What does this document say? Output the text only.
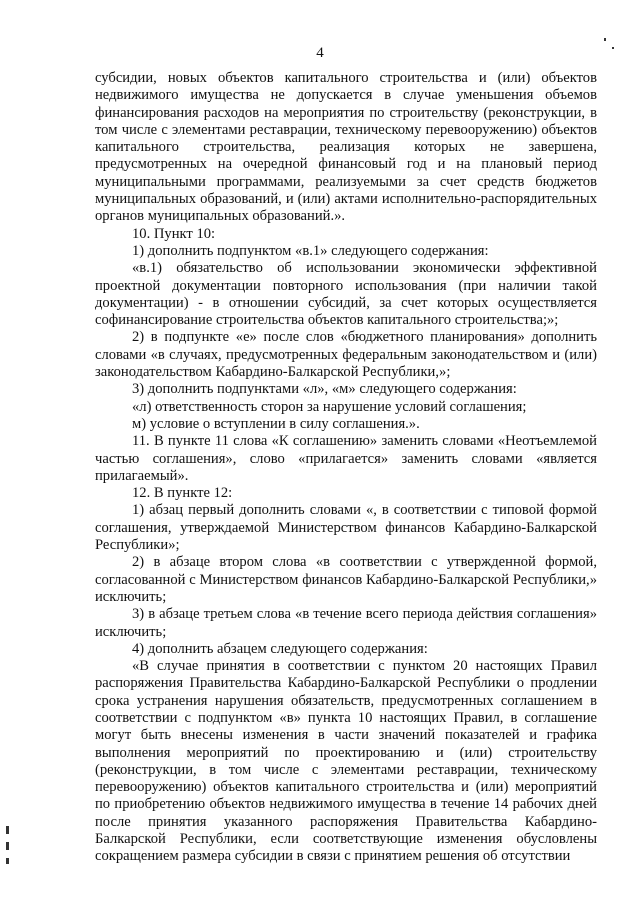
4

субсидии, новых объектов капитального строительства и (или) объектов недвижимого имущества не допускается в случае уменьшения объемов финансирования расходов на мероприятия по строительству (реконструкции, в том числе с элементами реставрации, техническому перевооружению) объектов капитального строительства, реализация которых не завершена, предусмотренных на очередной финансовый год и на плановый период муниципальными программами, реализуемыми за счет средств бюджетов муниципальных образований, и (или) актами исполнительно-распорядительных органов муниципальных образований.».

10. Пункт 10:

1) дополнить подпунктом «в.1» следующего содержания:

«в.1) обязательство об использовании экономически эффективной проектной документации повторного использования (при наличии такой документации) - в отношении субсидий, за счет которых осуществляется софинансирование строительства объектов капитального строительства;»;

2) в подпункте «е» после слов «бюджетного планирования» дополнить словами «в случаях, предусмотренных федеральным законодательством и (или) законодательством Кабардино-Балкарской Республики,»;

3) дополнить подпунктами «л», «м» следующего содержания:

«л) ответственность сторон за нарушение условий соглашения;

м) условие о вступлении в силу соглашения.».

11. В пункте 11 слова «К соглашению» заменить словами «Неотъемлемой частью соглашения», слово «прилагается» заменить словами «является прилагаемый».

12. В пункте 12:

1) абзац первый дополнить словами «, в соответствии с типовой формой соглашения, утверждаемой Министерством финансов Кабардино-Балкарской Республики»;

2) в абзаце втором слова «в соответствии с утвержденной формой, согласованной с Министерством финансов Кабардино-Балкарской Республики,» исключить;

3) в абзаце третьем слова «в течение всего периода действия соглашения» исключить;

4) дополнить абзацем следующего содержания:

«В случае принятия в соответствии с пунктом 20 настоящих Правил распоряжения Правительства Кабардино-Балкарской Республики о продлении срока устранения нарушения обязательств, предусмотренных соглашением в соответствии с подпунктом «в» пункта 10 настоящих Правил, в соглашение могут быть внесены изменения в части значений показателей и графика выполнения мероприятий по проектированию и (или) строительству (реконструкции, в том числе с элементами реставрации, техническому перевооружению) объектов капитального строительства и (или) мероприятий по приобретению объектов недвижимого имущества в течение 14 рабочих дней после принятия указанного распоряжения Правительства Кабардино-Балкарской Республики, если соответствующие изменения обусловлены сокращением размера субсидии в связи с принятием решения об отсутствии
